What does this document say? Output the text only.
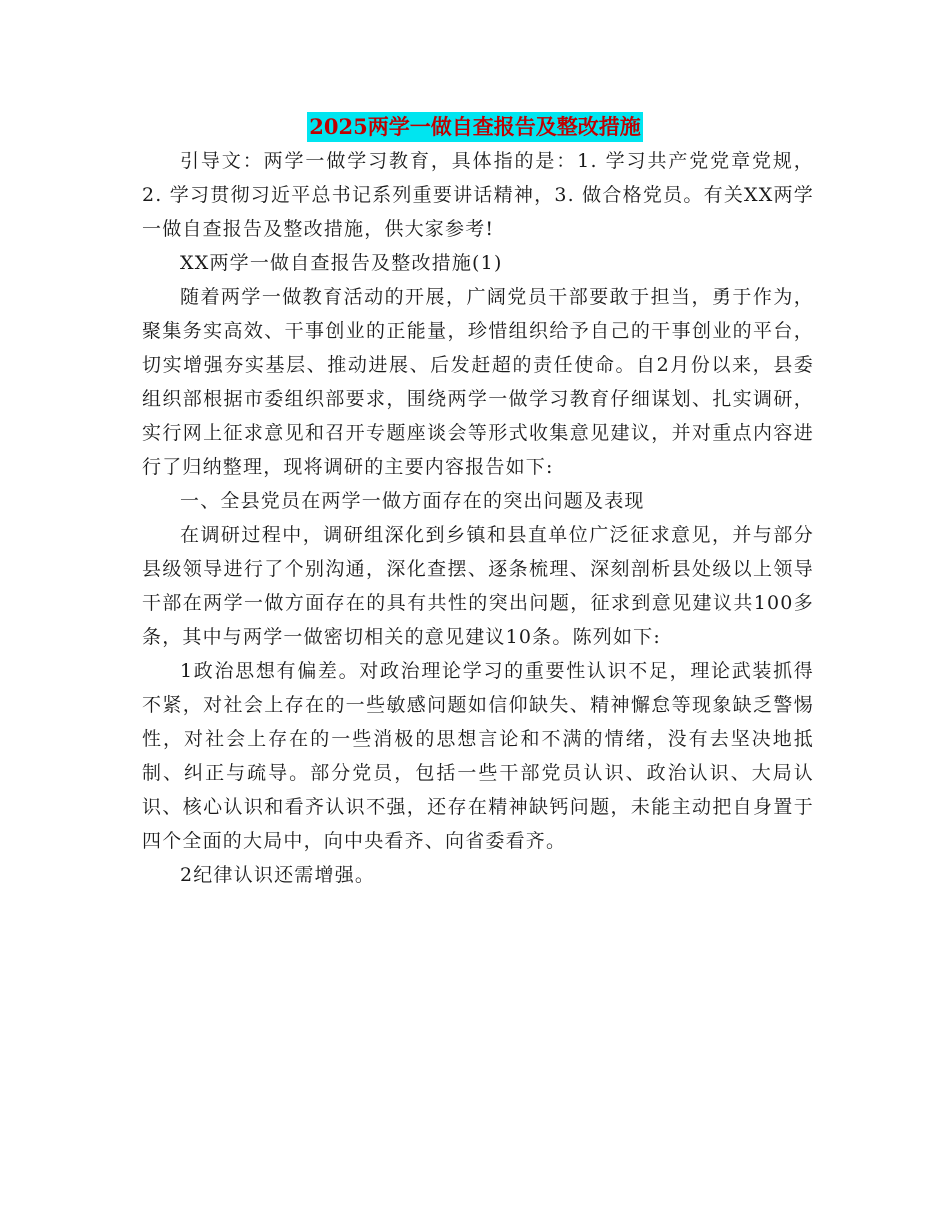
2025两学一做自查报告及整改措施

引导文：两学一做学习教育，具体指的是：1. 学习共产党党章党规，2. 学习贯彻习近平总书记系列重要讲话精神，3. 做合格党员。有关XX两学一做自查报告及整改措施，供大家参考!

XX两学一做自查报告及整改措施(1)

随着两学一做教育活动的开展，广阔党员干部要敢于担当，勇于作为，聚集务实高效、干事创业的正能量，珍惜组织给予自己的干事创业的平台，切实增强夯实基层、推动进展、后发赶超的责任使命。自2月份以来，县委组织部根据市委组织部要求，围绕两学一做学习教育仔细谋划、扎实调研，实行网上征求意见和召开专题座谈会等形式收集意见建议，并对重点内容进行了归纳整理，现将调研的主要内容报告如下:

一、全县党员在两学一做方面存在的突出问题及表现

在调研过程中，调研组深化到乡镇和县直单位广泛征求意见，并与部分县级领导进行了个别沟通，深化查摆、逐条梳理、深刻剖析县处级以上领导干部在两学一做方面存在的具有共性的突出问题，征求到意见建议共100多条，其中与两学一做密切相关的意见建议10条。陈列如下:

1政治思想有偏差。对政治理论学习的重要性认识不足，理论武装抓得不紧，对社会上存在的一些敏感问题如信仰缺失、精神懈怠等现象缺乏警惕性，对社会上存在的一些消极的思想言论和不满的情绪，没有去坚决地抵制、纠正与疏导。部分党员，包括一些干部党员认识、政治认识、大局认识、核心认识和看齐认识不强，还存在精神缺钙问题，未能主动把自身置于四个全面的大局中，向中央看齐、向省委看齐。

2纪律认识还需增强。
